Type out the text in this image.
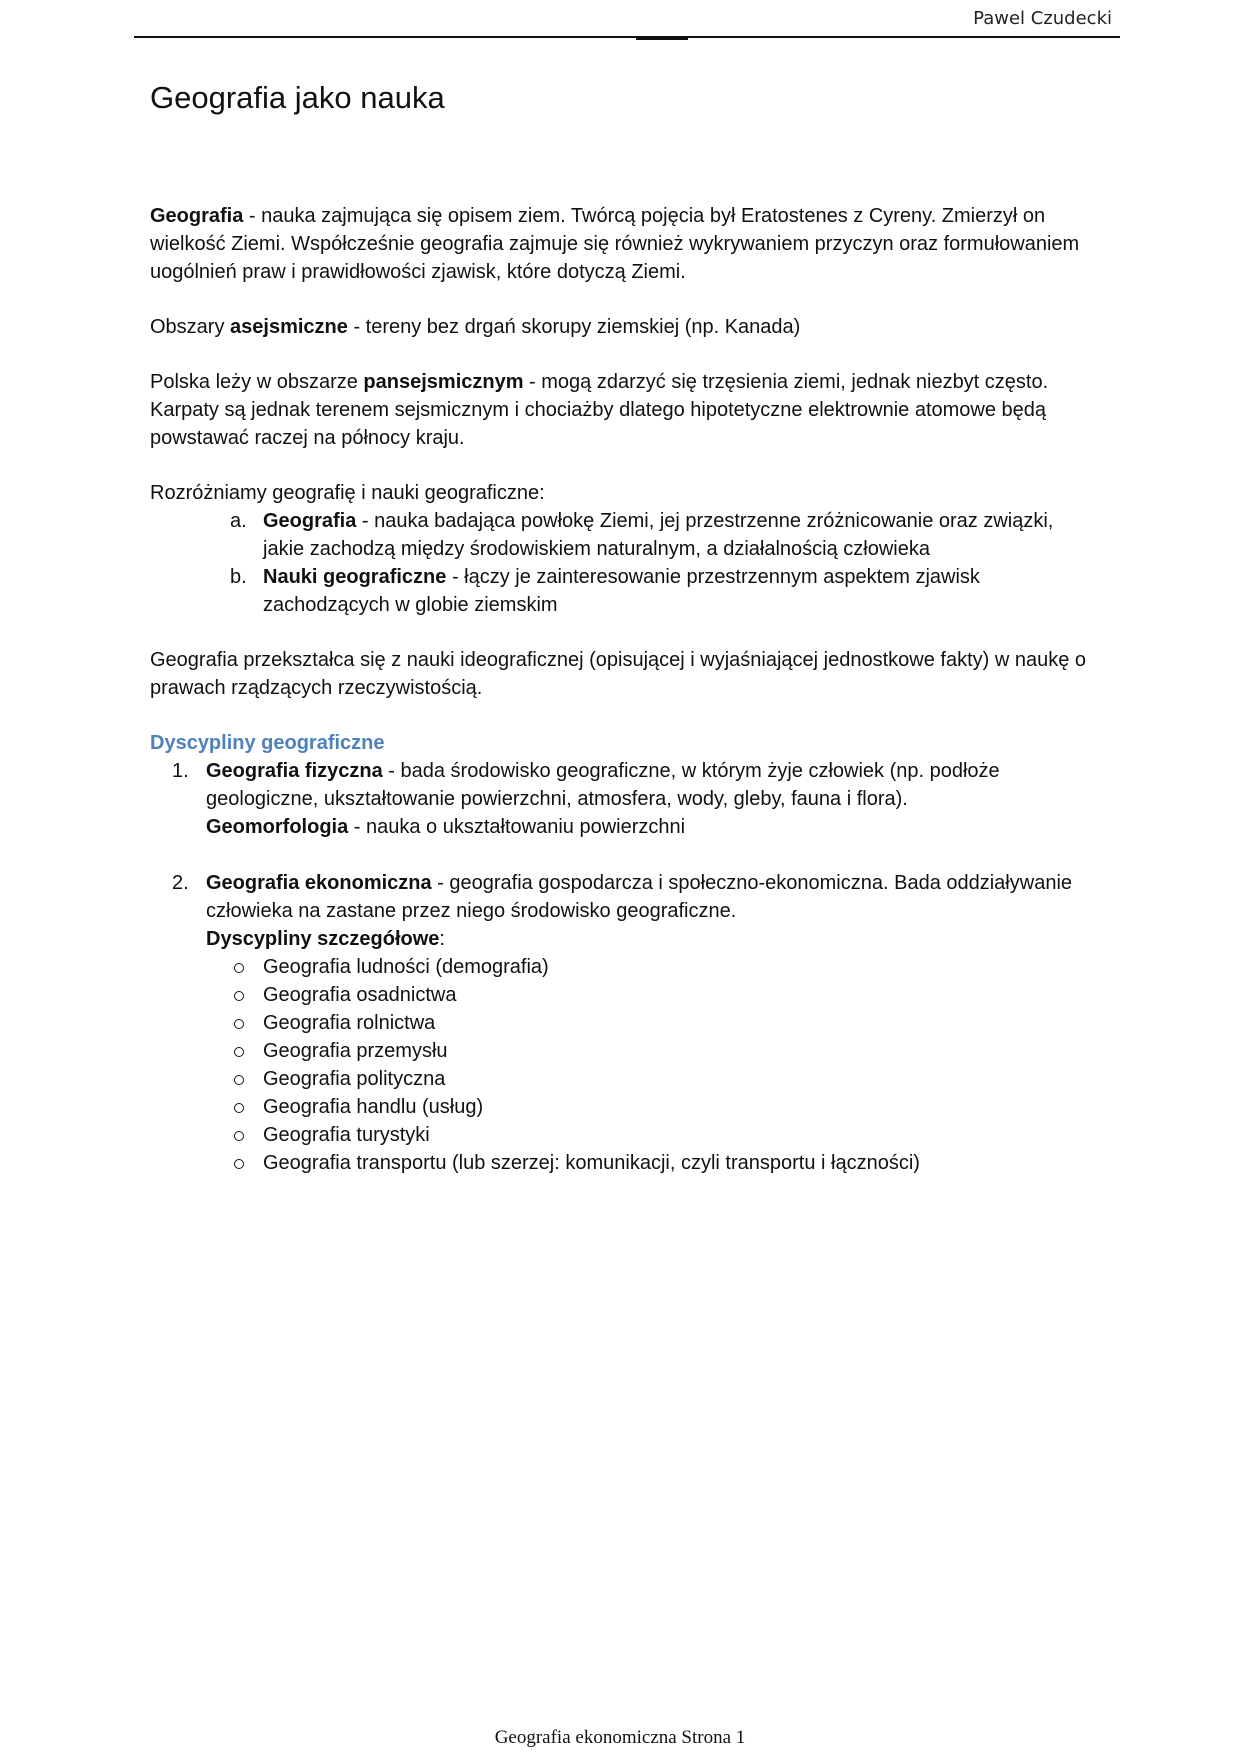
Pawel Czudecki
Geografia jako nauka

Geografia - nauka zajmująca się opisem ziem. Twórcą pojęcia był Eratostenes z Cyreny. Zmierzył on wielkość Ziemi. Współcześnie geografia zajmuje się również wykrywaniem przyczyn oraz formułowaniem uogólnień praw i prawidłowości zjawisk, które dotyczą Ziemi.

Obszary asejsmiczne - tereny bez drgań skorupy ziemskiej (np. Kanada)

Polska leży w obszarze pansejsmicznym - mogą zdarzyć się trzęsienia ziemi, jednak niezbyt często. Karpaty są jednak terenem sejsmicznym i chociażby dlatego hipotetyczne elektrownie atomowe będą powstawać raczej na północy kraju.

Rozróżniamy geografię i nauki geograficzne:

a. Geografia - nauka badająca powłokę Ziemi, jej przestrzenne zróżnicowanie oraz związki, jakie zachodzą między środowiskiem naturalnym, a działalnością człowieka
b. Nauki geograficzne - łączy je zainteresowanie przestrzennym aspektem zjawisk zachodzących w globie ziemskim

Geografia przekształca się z nauki ideograficznej (opisującej i wyjaśniającej jednostkowe fakty) w naukę o prawach rządzących rzeczywistością.

Dyscypliny geograficzne
1. Geografia fizyczna - bada środowisko geograficzne, w którym żyje człowiek (np. podłoże geologiczne, ukształtowanie powierzchni, atmosfera, wody, gleby, fauna i flora).
Geomorfologia - nauka o ukształtowaniu powierzchni
2. Geografia ekonomiczna - geografia gospodarcza i społeczno-ekonomiczna. Bada oddziaływanie człowieka na zastane przez niego środowisko geograficzne.
Dyscypliny szczegółowe:
Geografia ludności (demografia)
Geografia osadnictwa
Geografia rolnictwa
Geografia przemysłu
Geografia polityczna
Geografia handlu (usług)
Geografia turystyki
Geografia transportu (lub szerzej: komunikacji, czyli transportu i łączności)
Geografia ekonomiczna Strona 1
